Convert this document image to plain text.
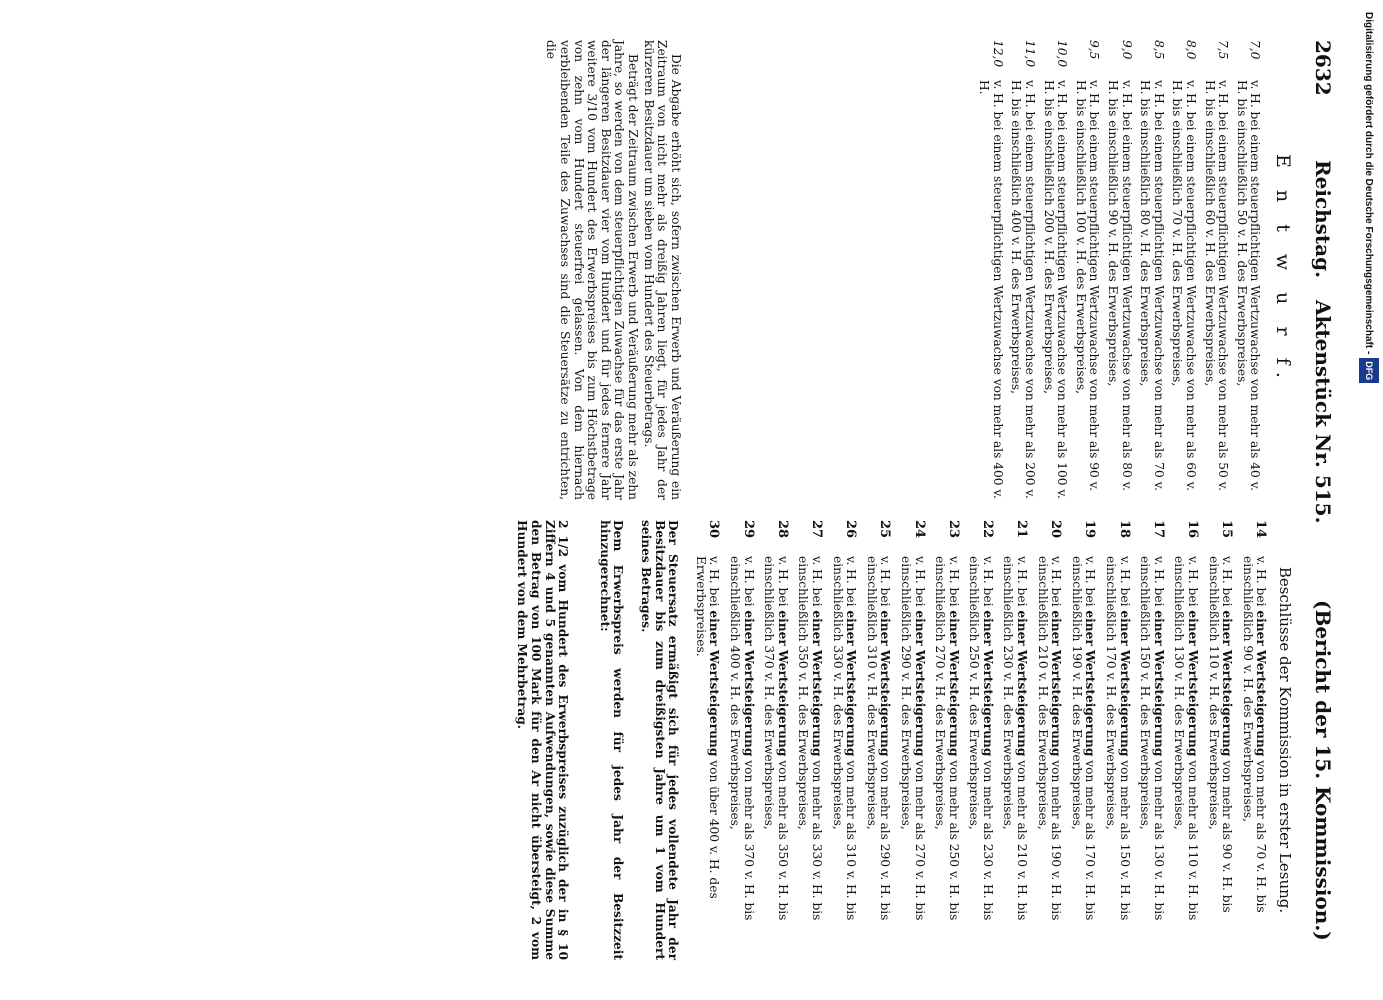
2632
Reichstag.
Aktenstück Nr. 515.
(Bericht der 15. Kommission.)
E n t w u r f.
7,0
v. H. bei einem steuerpflichtigen Wertzuwachse von mehr als 40 v. H. bis einschließlich 50 v. H. des Erwerbspreises,
7,5
v. H. bei einem steuerpflichtigen Wertzuwachse von mehr als 50 v. H. bis einschließlich 60 v. H. des Erwerbspreises,
8,0
v. H. bei einem steuerpflichtigen Wertzuwachse von mehr als 60 v. H. bis einschließlich 70 v. H. des Erwerbspreises,
8,5
v. H. bei einem steuerpflichtigen Wertzuwachse von mehr als 70 v. H. bis einschließlich 80 v. H. des Erwerbspreises,
9,0
v. H. bei einem steuerpflichtigen Wertzuwachse von mehr als 80 v. H. bis einschließlich 90 v. H. des Erwerbspreises,
9,5
v. H. bei einem steuerpflichtigen Wertzuwachse von mehr als 90 v. H. bis einschließlich 100 v. H. des Erwerbspreises,
10,0
v. H. bei einem steuerpflichtigen Wertzuwachse von mehr als 100 v. H. bis einschließlich 200 v. H. des Erwerbspreises,
11,0
v. H. bei einem steuerpflichtigen Wertzuwachse von mehr als 200 v. H. bis einschließlich 400 v. H. des Erwerbspreises,
12,0
v. H. bei einem steuerpflichtigen Wertzuwachse von mehr als 400 v. H.
Die Abgabe erhöht sich, sofern zwischen Erwerb und Veräußerung ein Zeitraum von nicht mehr als dreißig Jahren liegt, für jedes Jahr der kürzeren Besitzdauer um sieben vom Hundert des Steuerbetrags.
Beträgt der Zeitraum zwischen Erwerb und Veräußerung mehr als zehn Jahre, so werden von dem steuerpflichtigen Zuwachse für das erste Jahr der längeren Besitzdauer vier vom Hundert und für jedes fernere Jahr weitere 3/10 vom Hundert des Erwerbspreises bis zum Höchstbetrage von zehn vom Hundert steuerfrei gelassen. Von dem hiernach verbleibenden Teile des Zuwachses sind die Steuersätze zu entrichten, die
Beschlüsse der Kommission in erster Lesung.
14
v. H. bei einer Wertsteigerung von mehr als 70 v. H. bis einschließlich 90 v. H. des Erwerbspreises,
15
v. H. bei einer Wertsteigerung von mehr als 90 v. H. bis einschließlich 110 v. H. des Erwerbspreises,
16
v. H. bei einer Wertsteigerung von mehr als 110 v. H. bis einschließlich 130 v. H. des Erwerbspreises,
17
v. H. bei einer Wertsteigerung von mehr als 130 v. H. bis einschließlich 150 v. H. des Erwerbspreises,
18
v. H. bei einer Wertsteigerung von mehr als 150 v. H. bis einschließlich 170 v. H. des Erwerbspreises,
19
v. H. bei einer Wertsteigerung von mehr als 170 v. H. bis einschließlich 190 v. H. des Erwerbspreises,
20
v. H. bei einer Wertsteigerung von mehr als 190 v. H. bis einschließlich 210 v. H. des Erwerbspreises,
21
v. H. bei einer Wertsteigerung von mehr als 210 v. H. bis einschließlich 230 v. H. des Erwerbspreises,
22
v. H. bei einer Wertsteigerung von mehr als 230 v. H. bis einschließlich 250 v. H. des Erwerbspreises,
23
v. H. bei einer Wertsteigerung von mehr als 250 v. H. bis einschließlich 270 v. H. des Erwerbspreises,
24
v. H. bei einer Wertsteigerung von mehr als 270 v. H. bis einschließlich 290 v. H. des Erwerbspreises,
25
v. H. bei einer Wertsteigerung von mehr als 290 v. H. bis einschließlich 310 v. H. des Erwerbspreises,
26
v. H. bei einer Wertsteigerung von mehr als 310 v. H. bis einschließlich 330 v. H. des Erwerbspreises,
27
v. H. bei einer Wertsteigerung von mehr als 330 v. H. bis einschließlich 350 v. H. des Erwerbspreises,
28
v. H. bei einer Wertsteigerung von mehr als 350 v. H. bis einschließlich 370 v. H. des Erwerbspreises,
29
v. H. bei einer Wertsteigerung von mehr als 370 v. H. bis einschließlich 400 v. H. des Erwerbspreises,
30
v. H. bei einer Wertsteigerung von über 400 v. H. des Erwerbspreises.
Der Steuersatz ermäßigt sich für jedes vollendete Jahr der Besitzdauer bis zum dreißigsten Jahre um 1 vom Hundert seines Betrages.
Dem Erwerbspreis werden für jedes Jahr der Besitzzeit hinzugerechnet:
2 1/2 vom Hundert des Erwerbspreises zuzüglich der in § 10 Ziffern 4 und 5 genannten Aufwendungen, sowie diese Summe den Betrag von 100 Mark für den Ar nicht übersteigt, 2 vom Hundert von dem Mehrbetrag.
Digitalisierung gefördert durch die Deutsche Forschungsgemeinschaft -DFG
